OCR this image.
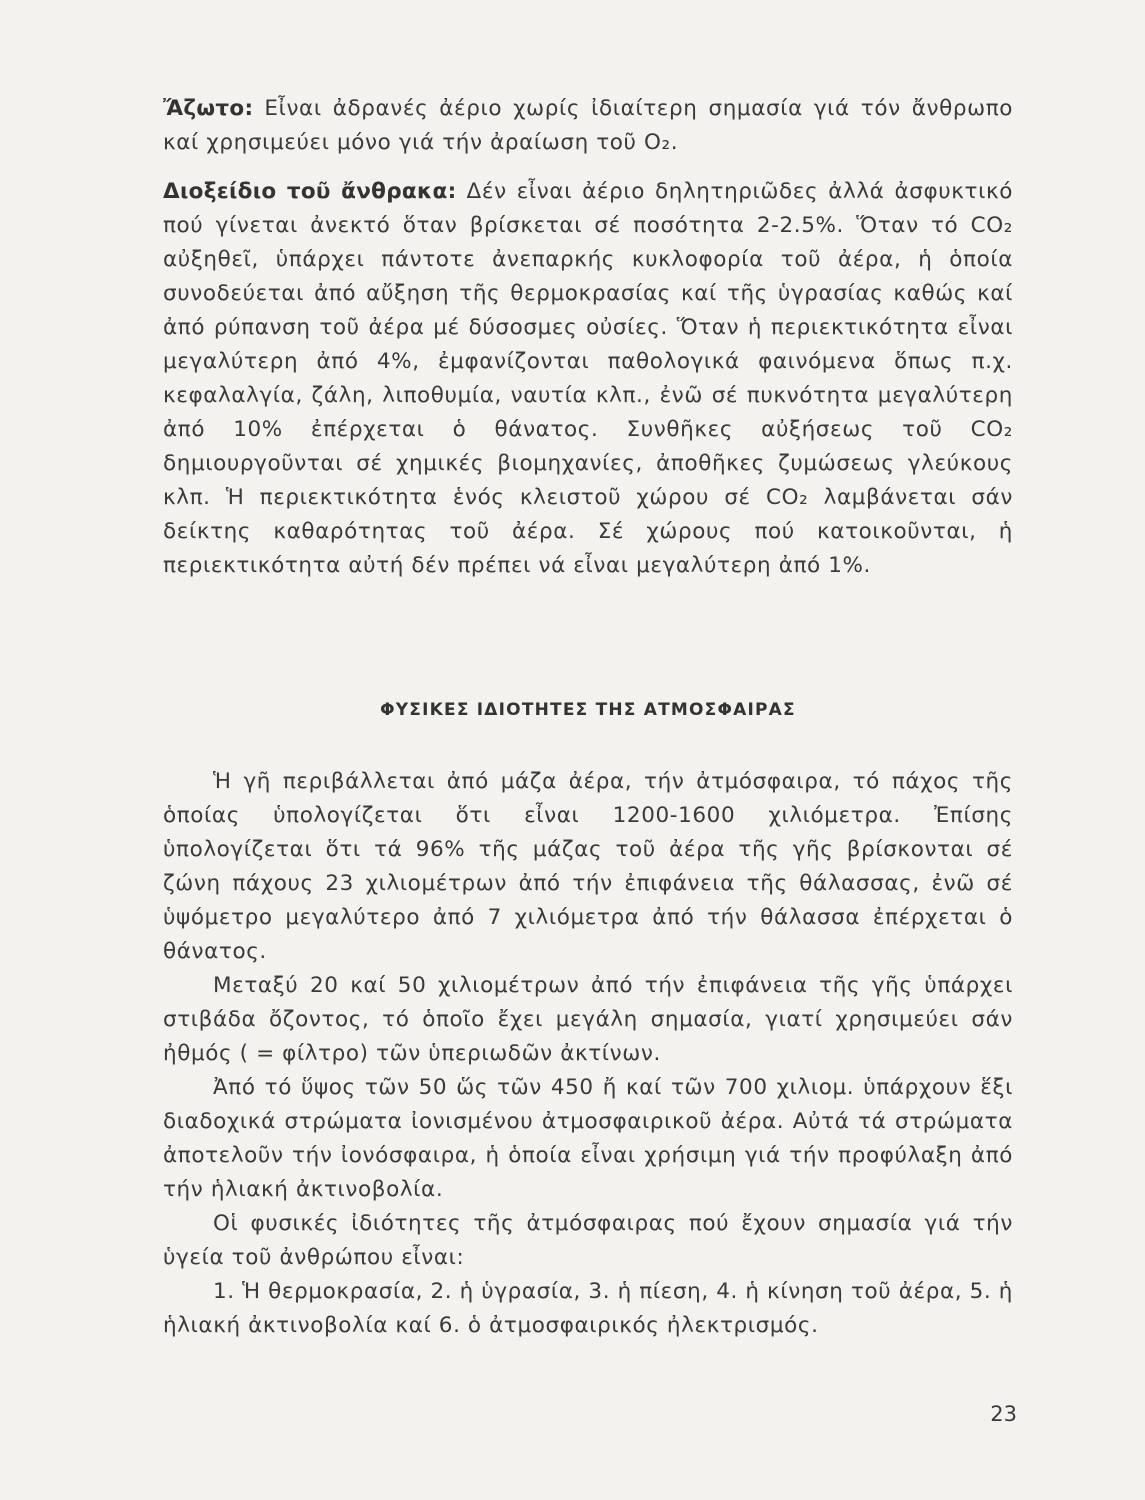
Ἄζωτο: Εἶναι ἀδρανές ἀέριο χωρίς ἰδιαίτερη σημασία γιά τόν ἄνθρωπο καί χρησιμεύει μόνο γιά τήν ἀραίωση τοῦ O₂.

Διοξείδιο τοῦ ἄνθρακα: Δέν εἶναι ἀέριο δηλητηριῶδες ἀλλά ἀσφυκτικό πού γίνεται ἀνεκτό ὅταν βρίσκεται σέ ποσότητα 2-2.5%. Ὅταν τό CO₂ αὐξηθεῖ, ὑπάρχει πάντοτε ἀνεπαρκής κυκλοφορία τοῦ ἀέρα, ἡ ὁποία συνοδεύεται ἀπό αὔξηση τῆς θερμοκρασίας καί τῆς ὑγρασίας καθώς καί ἀπό ρύπανση τοῦ ἀέρα μέ δύσοσμες οὐσίες. Ὅταν ἡ περιεκτικότητα εἶναι μεγαλύτερη ἀπό 4%, ἐμφανίζονται παθολογικά φαινόμενα ὅπως π.χ. κεφαλαλγία, ζάλη, λιποθυμία, ναυτία κλπ., ἐνῶ σέ πυκνότητα μεγαλύτερη ἀπό 10% ἐπέρχεται ὁ θάνατος. Συνθῆκες αὐξήσεως τοῦ CO₂ δημιουργοῦνται σέ χημικές βιομηχανίες, ἀποθῆκες ζυμώσεως γλεύκους κλπ. Ἡ περιεκτικότητα ἑνός κλειστοῦ χώρου σέ CO₂ λαμβάνεται σάν δείκτης καθαρότητας τοῦ ἀέρα. Σέ χώρους πού κατοικοῦνται, ἡ περιεκτικότητα αὐτή δέν πρέπει νά εἶναι μεγαλύτερη ἀπό 1%.

ΦΥΣΙΚΕΣ ΙΔΙΟΤΗΤΕΣ ΤΗΣ ΑΤΜΟΣΦΑΙΡΑΣ

Ἡ γῆ περιβάλλεται ἀπό μάζα ἀέρα, τήν ἀτμόσφαιρα, τό πάχος τῆς ὁποίας ὑπολογίζεται ὅτι εἶναι 1200-1600 χιλιόμετρα. Ἐπίσης ὑπολογίζεται ὅτι τά 96% τῆς μάζας τοῦ ἀέρα τῆς γῆς βρίσκονται σέ ζώνη πάχους 23 χιλιομέτρων ἀπό τήν ἐπιφάνεια τῆς θάλασσας, ἐνῶ σέ ὑψόμετρο μεγαλύτερο ἀπό 7 χιλιόμετρα ἀπό τήν θάλασσα ἐπέρχεται ὁ θάνατος.

Μεταξύ 20 καί 50 χιλιομέτρων ἀπό τήν ἐπιφάνεια τῆς γῆς ὑπάρχει στιβάδα ὄζοντος, τό ὁποῖο ἔχει μεγάλη σημασία, γιατί χρησιμεύει σάν ἠθμός ( = φίλτρο) τῶν ὑπεριωδῶν ἀκτίνων.

Ἀπό τό ὕψος τῶν 50 ὥς τῶν 450 ἤ καί τῶν 700 χιλιομ. ὑπάρχουν ἕξι διαδοχικά στρώματα ἰονισμένου ἀτμοσφαιρικοῦ ἀέρα. Αὐτά τά στρώματα ἀποτελοῦν τήν ἰονόσφαιρα, ἡ ὁποία εἶναι χρήσιμη γιά τήν προφύλαξη ἀπό τήν ἡλιακή ἀκτινοβολία.

Οἱ φυσικές ἰδιότητες τῆς ἀτμόσφαιρας πού ἔχουν σημασία γιά τήν ὑγεία τοῦ ἀνθρώπου εἶναι:

1. Ἡ θερμοκρασία, 2. ἡ ὑγρασία, 3. ἡ πίεση, 4. ἡ κίνηση τοῦ ἀέρα, 5. ἡ ἡλιακή ἀκτινοβολία καί 6. ὁ ἀτμοσφαιρικός ἠλεκτρισμός.

23
